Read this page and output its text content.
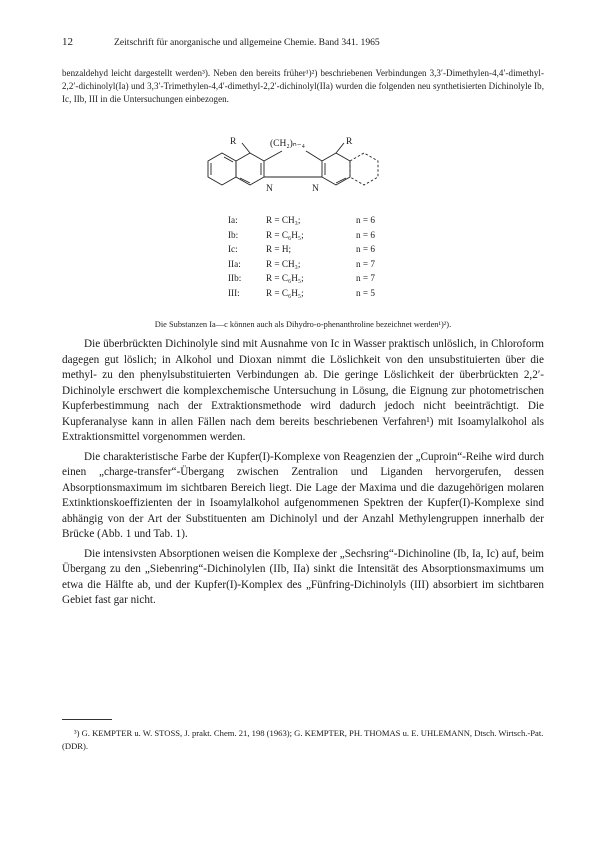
12	Zeitschrift für anorganische und allgemeine Chemie. Band 341. 1965
benzaldehyd leicht dargestellt werden³). Neben den bereits früher¹)²) beschriebenen Verbindungen 3,3′-Dimethylen-4,4′-dimethyl-2,2′-dichinolyl(Ia) und 3,3′-Trimethylen-4,4′-dimethyl-2,2′-dichinolyl(IIa) wurden die folgenden neu synthetisierten Dichinolyle Ib, Ic, IIb, III in die Untersuchungen einbezogen.
R	(CH₂)ₙ₋₄	R
N	N
Ia:	R = CH₃;	n = 6
Ib:	R = C₆H₅;	n = 6
Ic:	R = H;	n = 6
IIa:	R = CH₃;	n = 7
IIb:	R = C₆H₅;	n = 7
III:	R = C₆H₅;	n = 5
Die Substanzen Ia—c können auch als Dihydro-o-phenanthroline bezeichnet werden¹)²).

Die überbrückten Dichinolyle sind mit Ausnahme von Ic in Wasser praktisch unlöslich, in Chloroform dagegen gut löslich; in Alkohol und Dioxan nimmt die Löslichkeit von den unsubstituierten über die methyl- zu den phenylsubstituierten Verbindungen ab. Die geringe Löslichkeit der überbrückten 2,2′-Dichinolyle erschwert die komplexchemische Untersuchung in Lösung, die Eignung zur photometrischen Kupferbestimmung nach der Extraktionsmethode wird dadurch jedoch nicht beeinträchtigt. Die Kupferanalyse kann in allen Fällen nach dem bereits beschriebenen Verfahren¹) mit Isoamylalkohol als Extraktionsmittel vorgenommen werden.

Die charakteristische Farbe der Kupfer(I)-Komplexe von Reagenzien der „Cuproin“-Reihe wird durch einen „charge-transfer“-Übergang zwischen Zentralion und Liganden hervorgerufen, dessen Absorptionsmaximum im sichtbaren Bereich liegt. Die Lage der Maxima und die dazugehörigen molaren Extinktionskoeffizienten der in Isoamylalkohol aufgenommenen Spektren der Kupfer(I)-Komplexe sind abhängig von der Art der Substituenten am Dichinolyl und der Anzahl Methylengruppen innerhalb der Brücke (Abb. 1 und Tab. 1).

Die intensivsten Absorptionen weisen die Komplexe der „Sechsring“-Dichinoline (Ib, Ia, Ic) auf, beim Übergang zu den „Siebenring“-Dichinolylen (IIb, IIa) sinkt die Intensität des Absorptionsmaximums um etwa die Hälfte ab, und der Kupfer(I)-Komplex des „Fünfring-Dichinolyls (III) absorbiert im sichtbaren Gebiet fast gar nicht.

³) G. KEMPTER u. W. STOSS, J. prakt. Chem. 21, 198 (1963); G. KEMPTER, PH. THOMAS u. E. UHLEMANN, Dtsch. Wirtsch.-Pat. (DDR).
